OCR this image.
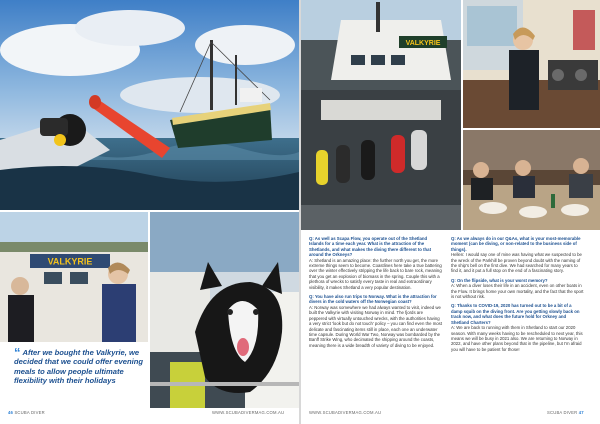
VALKYRIE
“ After we bought the Valkyrie, we decided that we could offer evening meals to allow people ultimate flexibility with their holidays
46 SCUBA DIVER	WWW.SCUBADIVERMAG.COM.AU
VALKYRIE

Q: As well as Scapa Flow, you operate out of the Shetland Islands for a time each year. What is the attraction of the Shetlands, and what makes the diving there different to that around the Orkneys?

A: Shetland is an amazing place: the further north you get, the more extreme things seem to become. Coastlines here take a true battering over the winter effectively stripping the life back to bare rock, meaning that you get an explosion of biomass in the spring. Couple this with a plethora of wrecks to satisfy every taste in real and extraordinary visibility, it makes Shetland a very popular destination.

Q: You have also run trips to Norway. What is the attraction for divers in the cold waters off the Norwegian coast?

A: Norway was somewhere we had always wanted to visit, indeed we built the Valkyrie with visiting Norway in mind. The fjords are peppered with virtually untouched wrecks, with the authorities having a very strict 'look but do not touch' policy – you can find even the most delicate and fascinating items still in place, each one an underwater time capsule. During World War Two, Norway was bombarded by the Banff Strike Wing, who decimated the shipping around the coasts, meaning there is a wide breadth of variety of diving to be enjoyed.

Q: As we always do in our Q&As, what is your most-memorable moment (can be diving, or non-related to the business side of things).

Hellen: I would say one of mine was having what we suspected to be the wreck of the Parkhill be proven beyond doubt with the naming of the ship's bell on the first dive. We had searched for many years to find it, and it put a full stop on the end of a fascinating story.

Q: On the flipside, what is your worst memory?

A: When a diver loses their life in an accident, even on other boats in the Flow. It brings home your own mortality, and the fact that the sport is not without risk.

Q: Thanks to COVID-19, 2020 has turned out to be a bit of a damp squib on the diving front. Are you getting slowly back on track now, and what does the future hold for Orkney and Shetland Charters?

A: We are back to running with them in Shetland to start our 2020 season. With many weeks having to be rescheduled to next year, this means we will be busy in 2021 also. We are returning to Norway in 2022, and have other plans beyond that in the pipeline, but I'm afraid you will have to be patient for those!

WWW.SCUBADIVERMAG.COM.AU	SCUBA DIVER 47
